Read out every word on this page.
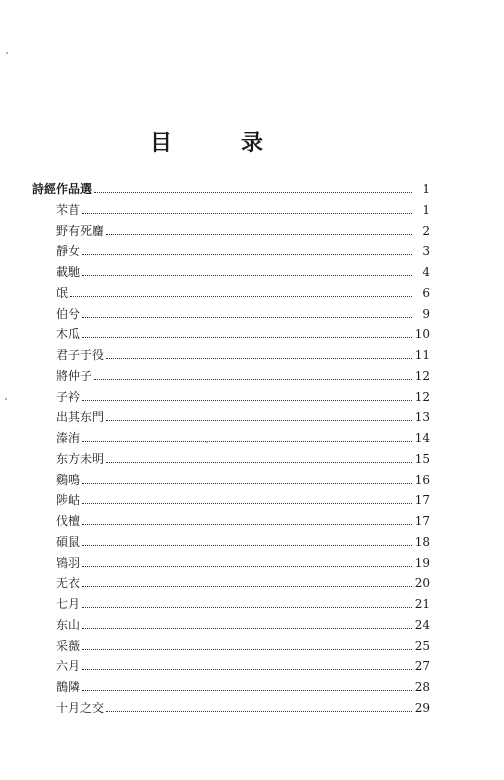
目	录
詩經作品選	1
芣苜	1
野有死麕	2
靜女	3
載馳	4
氓	6
伯兮	9
木瓜	10
君子于役	11
將仲子	12
子衿	12
出其东門	13
溱洧	14
东方未明	15
鷄鳴	16
陟岵	17
伐檀	17
碩鼠	18
鴇羽	19
无衣	20
七月	21
东山	24
采薇	25
六月	27
鵲隣	28
十月之交	29
